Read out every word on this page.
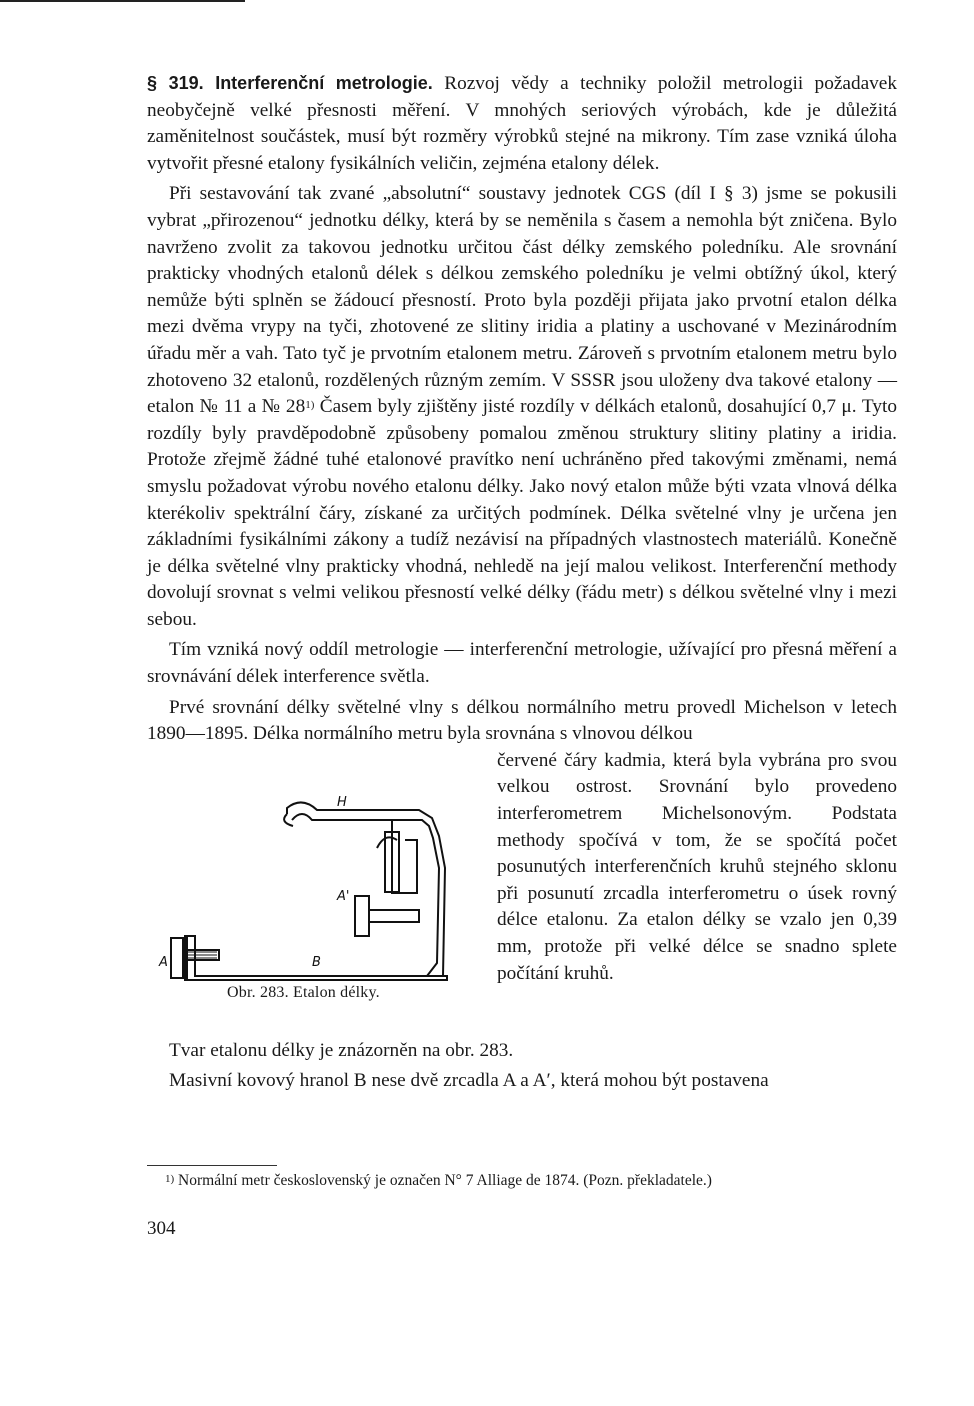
§ 319. Interferenční metrologie. Rozvoj vědy a techniky položil metrologii požadavek neobyčejně velké přesnosti měření. V mnohých seriových výrobách, kde je důležitá zaměnitelnost součástek, musí být rozměry výrobků stejné na mikrony. Tím zase vzniká úloha vytvořit přesné etalony fysikálních veličin, zejména etalony délek.

Při sestavování tak zvané „absolutní“ soustavy jednotek CGS (díl I § 3) jsme se pokusili vybrat „přirozenou“ jednotku délky, která by se neměnila s časem a nemohla být zničena. Bylo navrženo zvolit za takovou jednotku určitou část délky zemského poledníku. Ale srovnání prakticky vhodných etalonů délek s délkou zemského poledníku je velmi obtížný úkol, který nemůže býti splněn se žádoucí přesností. Proto byla později přijata jako prvotní etalon délka mezi dvěma vrypy na tyči, zhotovené ze slitiny iridia a platiny a uschované v Mezinárodním úřadu měr a vah. Tato tyč je prvotním etalonem metru. Zároveň s prvotním etalonem metru bylo zhotoveno 32 etalonů, rozdělených různým zemím. V SSSR jsou uloženy dva takové etalony — etalon № 11 a № 28$^{1)}$ Časem byly zjištěny jisté rozdíly v délkách etalonů, dosahující 0,7 μ. Tyto rozdíly byly pravděpodobně způsobeny pomalou změnou struktury slitiny platiny a iridia. Protože zřejmě žádné tuhé etalonové pravítko není uchráněno před takovými změnami, nemá smyslu požadovat výrobu nového etalonu délky. Jako nový etalon může býti vzata vlnová délka kterékoliv spektrální čáry, získané za určitých podmínek. Délka světelné vlny je určena jen základními fysikálními zákony a tudíž nezávisí na případných vlastnostech materiálů. Konečně je délka světelné vlny prakticky vhodná, nehledě na její malou velikost. Interferenční methody dovolují srovnat s velmi velikou přesností velké délky (řádu metr) s délkou světelné vlny i mezi sebou.

Tím vzniká nový oddíl metrologie — interferenční metrologie, užívající pro přesná měření a srovnávání délek interference světla.

Prvé srovnání délky světelné vlny s délkou normálního metru provedl Michelson v letech 1890—1895. Délka normálního metru byla srovnána s vlnovou délkou

H
A'
A	B
Obr. 283. Etalon délky.

červené čáry kadmia, která byla vybrána pro svou velkou ostrost. Srovnání bylo provedeno interferometrem Michelsonovým. Podstata methody spočívá v tom, že se spočítá počet posunutých interferenčních kruhů stejného sklonu při posunutí zrcadla interferometru o úsek rovný délce etalonu. Za etalon délky se vzalo jen 0,39 mm, protože při velké délce se snadno splete počítání kruhů.

Tvar etalonu délky je znázorněn na obr. 283.

Masivní kovový hranol B nese dvě zrcadla A a A′, která mohou být postavena

$^{1)}$ Normální metr československý je označen N° 7 Alliage de 1874. (Pozn. překladatele.)
304
